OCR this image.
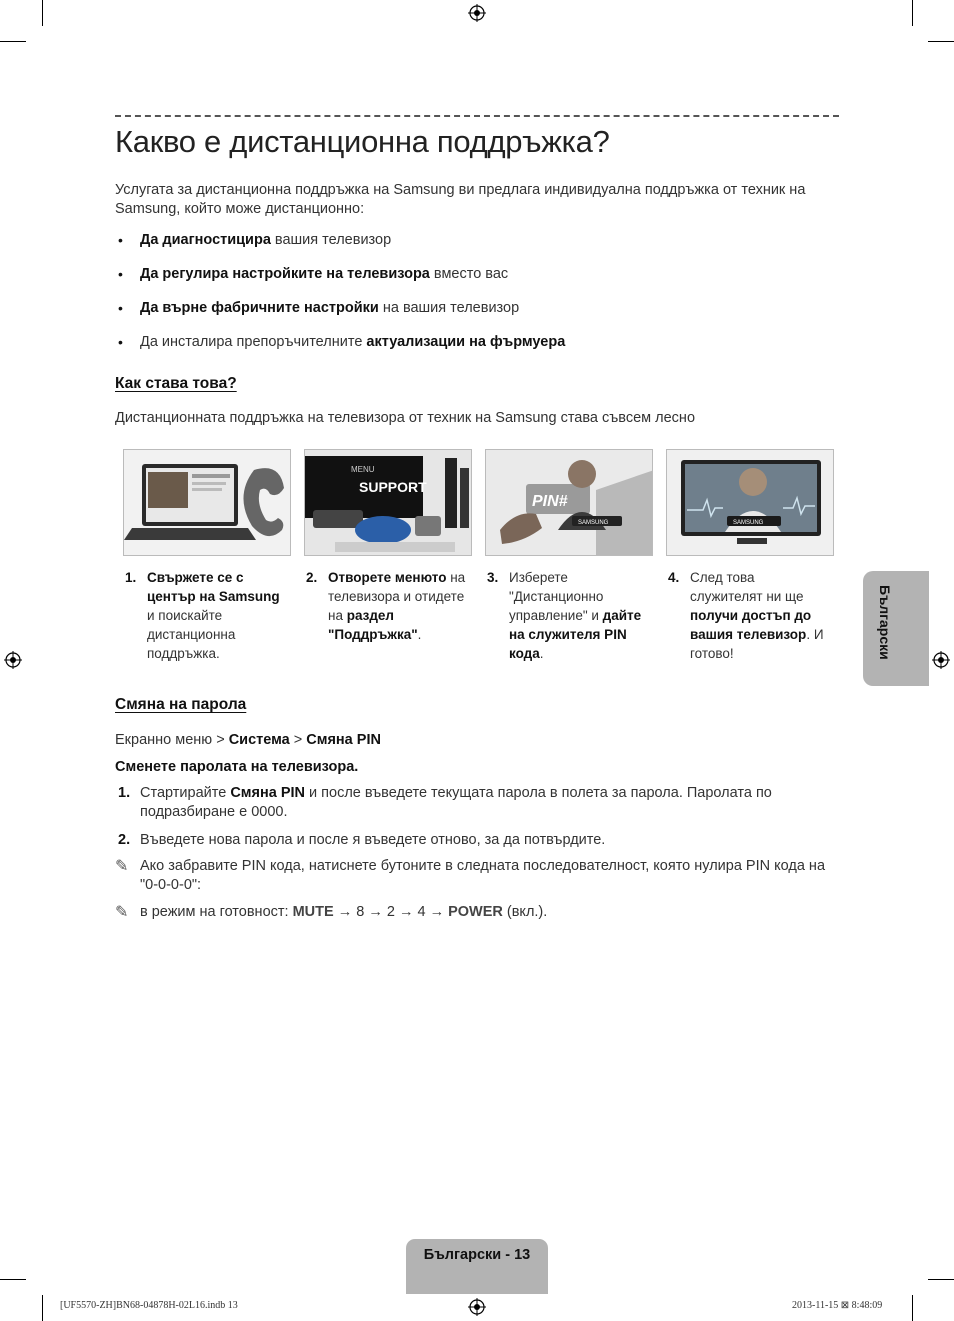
Какво е дистанционна поддръжка?

Услугата за дистанционна поддръжка на Samsung ви предлага индивидуална поддръжка от техник на Samsung, който може дистанционно:

• Да диагностицира вашия телевизор
• Да регулира настройките на телевизора вместо вас
• Да върне фабричните настройки на вашия телевизор
• Да инсталира препоръчителните актуализации на фърмуера
Как става това?

Дистанционната поддръжка на телевизора от техник на Samsung става съвсем лесно

MENU
SUPPORT
PIN#
SAMSUNG	SAMSUNG
1. Свържете се с център на Samsung и поискайте дистанционна поддръжка.
2. Отворете менюто на телевизора и отидете на раздел "Поддръжка".
3. Изберете "Дистанционно управление" и дайте на служителя PIN кода.
4. След това служителят ни ще получи достъп до вашия телевизор. И готово!	Български
Смяна на парола
Екранно меню > Система > Смяна PIN
Сменете паролата на телевизора.
1. Стартирайте Смяна PIN и после въведете текущата парола в полета за парола. Паролата по подразбиране е 0000.
2. Въведете нова парола и после я въведете отново, за да потвърдите.
✎ Ако забравите PIN кода, натиснете бутоните в следната последователност, която нулира PIN кода на "0-0-0-0":
✎ в режим на готовност: MUTE → 8 → 2 → 4 → POWER (вкл.).
Български - 13
[UF5570-ZH]BN68-04878H-02L16.indb 13	2013-11-15 ⊠ 8:48:09
